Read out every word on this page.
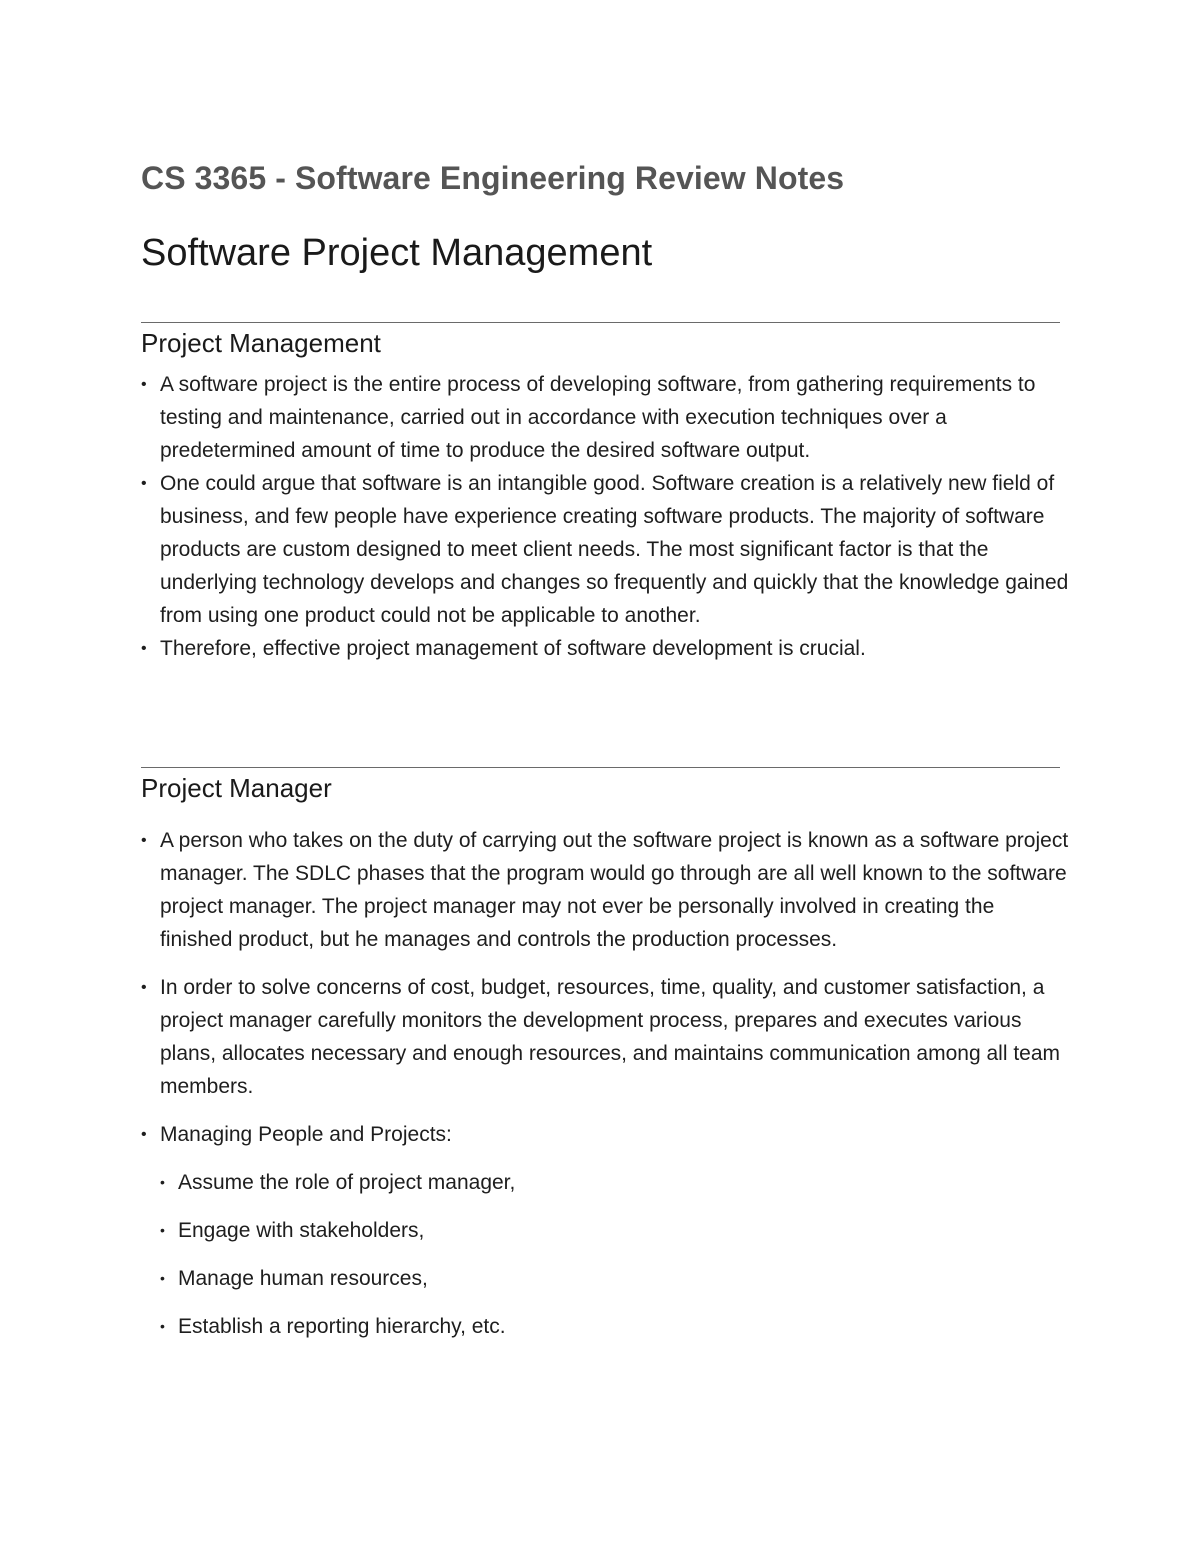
CS 3365 - Software Engineering Review Notes
Software Project Management
Project Management
• A software project is the entire process of developing software, from gathering requirements to testing and maintenance, carried out in accordance with execution techniques over a predetermined amount of time to produce the desired software output.
• One could argue that software is an intangible good. Software creation is a relatively new field of business, and few people have experience creating software products. The majority of software products are custom designed to meet client needs. The most significant factor is that the underlying technology develops and changes so frequently and quickly that the knowledge gained from using one product could not be applicable to another.
• Therefore, effective project management of software development is crucial.
Project Manager
• A person who takes on the duty of carrying out the software project is known as a software project manager. The SDLC phases that the program would go through are all well known to the software project manager. The project manager may not ever be personally involved in creating the finished product, but he manages and controls the production processes.
• In order to solve concerns of cost, budget, resources, time, quality, and customer satisfaction, a project manager carefully monitors the development process, prepares and executes various plans, allocates necessary and enough resources, and maintains communication among all team members.
• Managing People and Projects:
• Assume the role of project manager,
• Engage with stakeholders,
• Manage human resources,
• Establish a reporting hierarchy, etc.
